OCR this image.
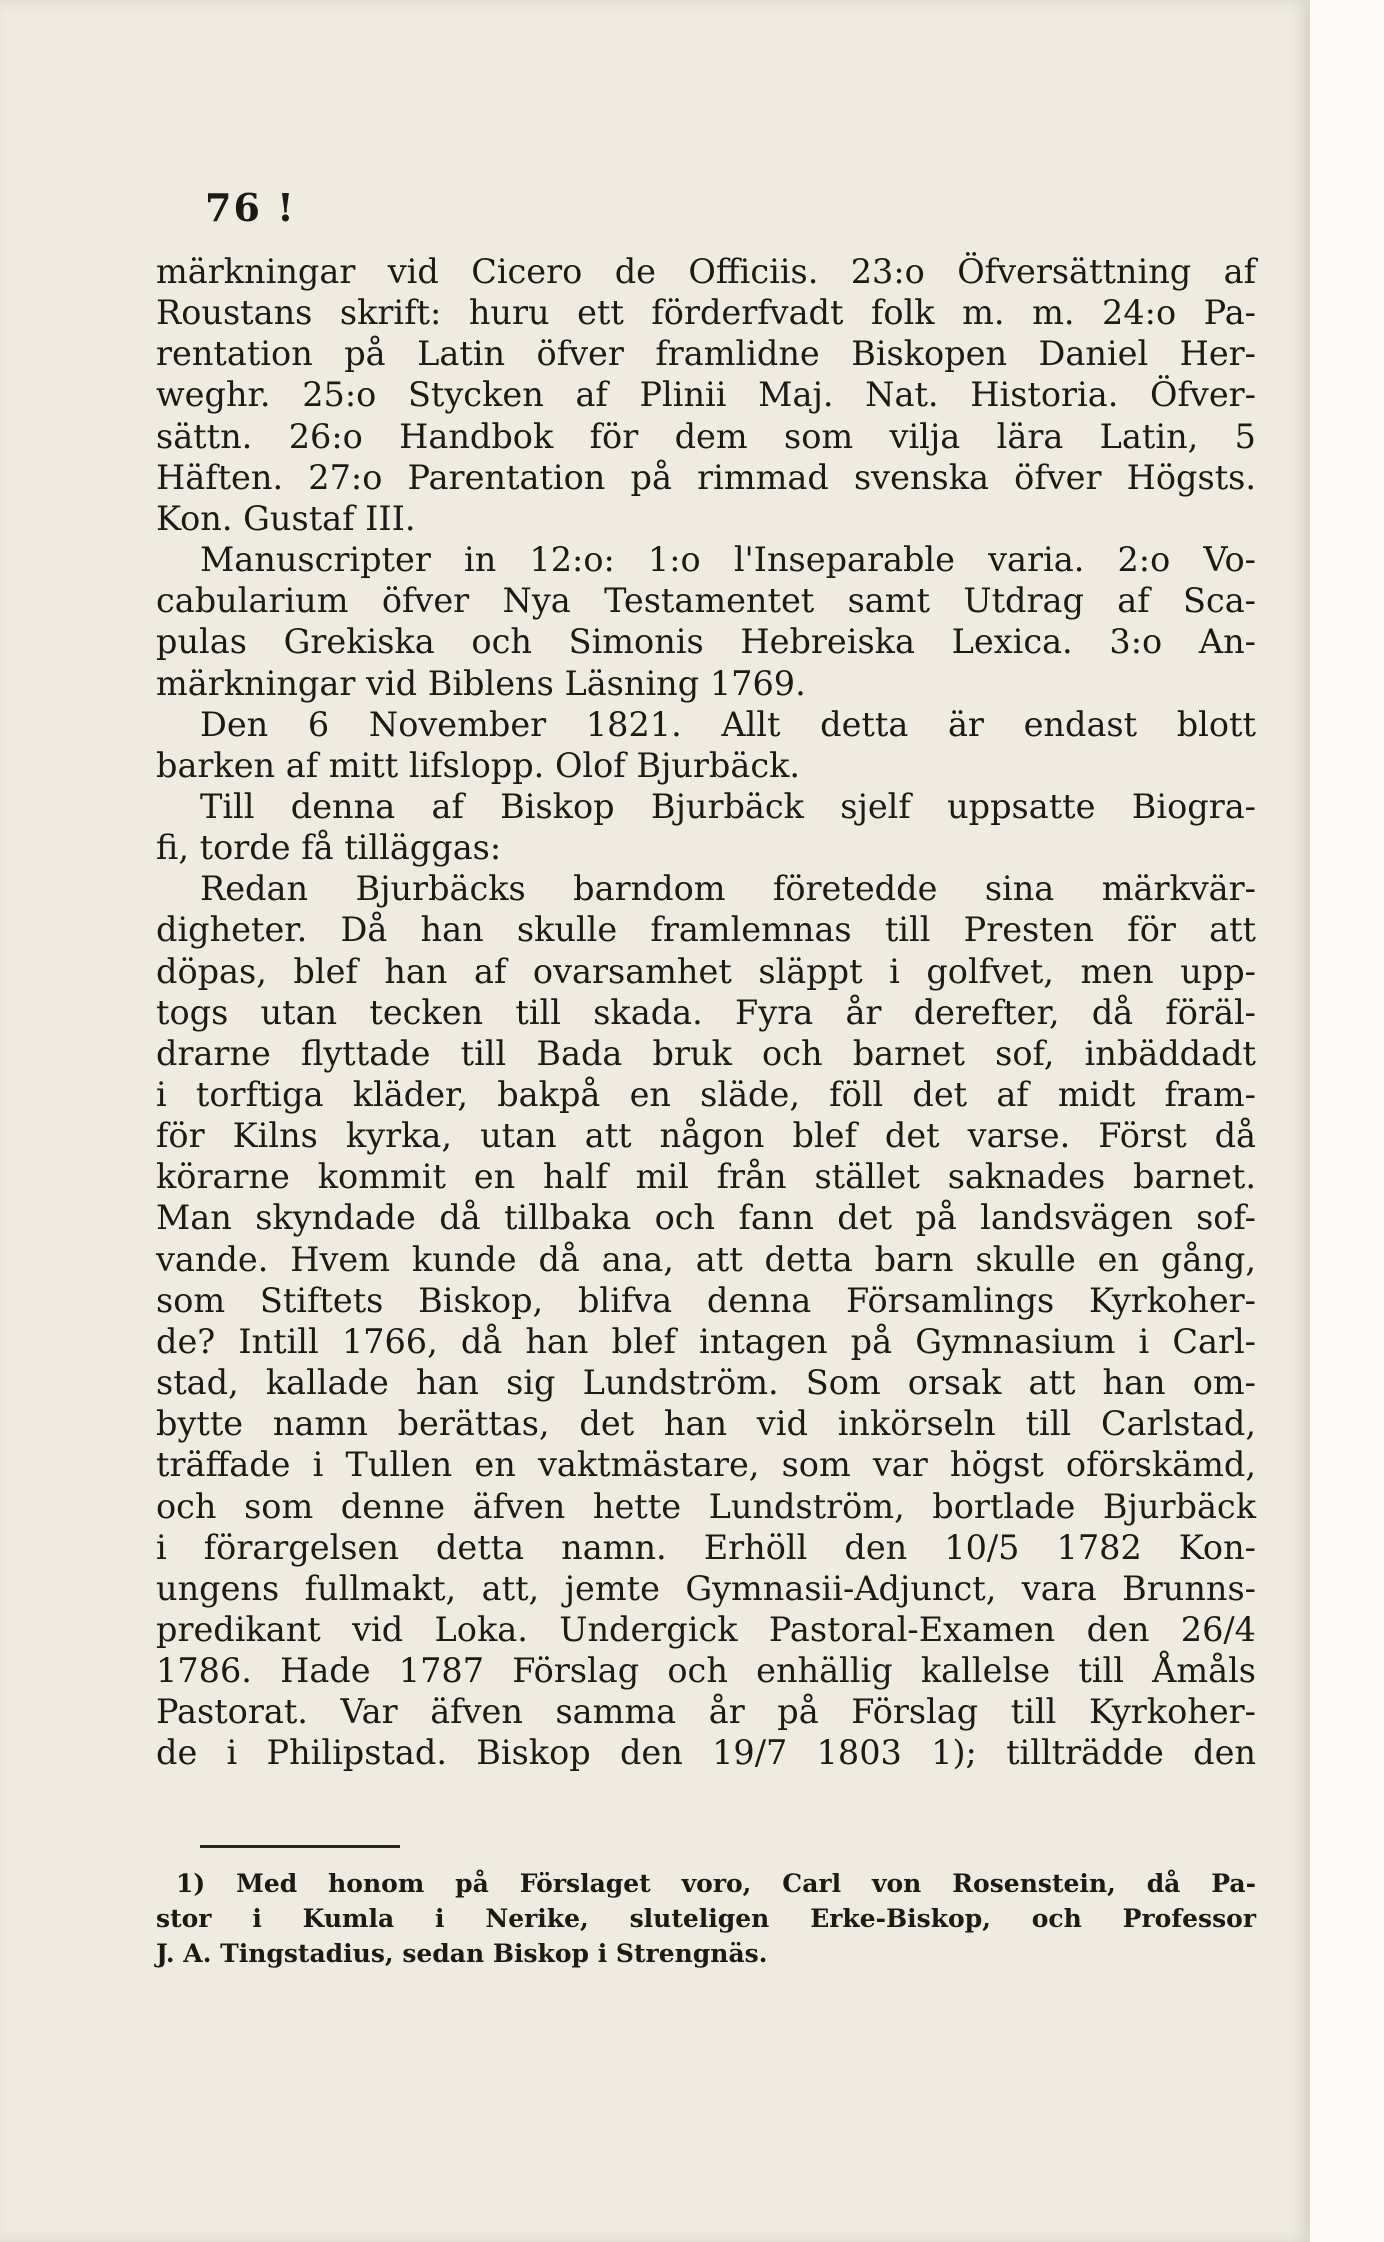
76 !
märkningar vid Cicero de Officiis. 23:o Öfversättning af
Roustans skrift: huru ett förderfvadt folk m. m. 24:o Pa-
rentation på Latin öfver framlidne Biskopen Daniel Her-
weghr. 25:o Stycken af Plinii Maj. Nat. Historia. Öfver-
sättn. 26:o Handbok för dem som vilja lära Latin, 5
Häften. 27:o Parentation på rimmad svenska öfver Högsts.
Kon. Gustaf III.
Manuscripter in 12:o: 1:o l'Inseparable varia. 2:o Vo-
cabularium öfver Nya Testamentet samt Utdrag af Sca-
pulas Grekiska och Simonis Hebreiska Lexica. 3:o An-
märkningar vid Biblens Läsning 1769.
Den 6 November 1821. Allt detta är endast blott
barken af mitt lifslopp. Olof Bjurbäck.
Till denna af Biskop Bjurbäck sjelf uppsatte Biogra-
fi, torde få tilläggas:
Redan Bjurbäcks barndom företedde sina märkvär-
digheter. Då han skulle framlemnas till Presten för att
döpas, blef han af ovarsamhet släppt i golfvet, men upp-
togs utan tecken till skada. Fyra år derefter, då föräl-
drarne flyttade till Bada bruk och barnet sof, inbäddadt
i torftiga kläder, bakpå en släde, föll det af midt fram-
för Kilns kyrka, utan att någon blef det varse. Först då
körarne kommit en half mil från stället saknades barnet.
Man skyndade då tillbaka och fann det på landsvägen sof-
vande. Hvem kunde då ana, att detta barn skulle en gång,
som Stiftets Biskop, blifva denna Församlings Kyrkoher-
de? Intill 1766, då han blef intagen på Gymnasium i Carl-
stad, kallade han sig Lundström. Som orsak att han om-
bytte namn berättas, det han vid inkörseln till Carlstad,
träffade i Tullen en vaktmästare, som var högst oförskämd,
och som denne äfven hette Lundström, bortlade Bjurbäck
i förargelsen detta namn. Erhöll den 10/5 1782 Kon-
ungens fullmakt, att, jemte Gymnasii-Adjunct, vara Brunns-
predikant vid Loka. Undergick Pastoral-Examen den 26/4
1786. Hade 1787 Förslag och enhällig kallelse till Åmåls
Pastorat. Var äfven samma år på Förslag till Kyrkoher-
de i Philipstad. Biskop den 19/7 1803 1); tillträdde den
1) Med honom på Förslaget voro, Carl von Rosenstein, då Pa-
stor i Kumla i Nerike, sluteligen Erke-Biskop, och Professor
J. A. Tingstadius, sedan Biskop i Strengnäs.
